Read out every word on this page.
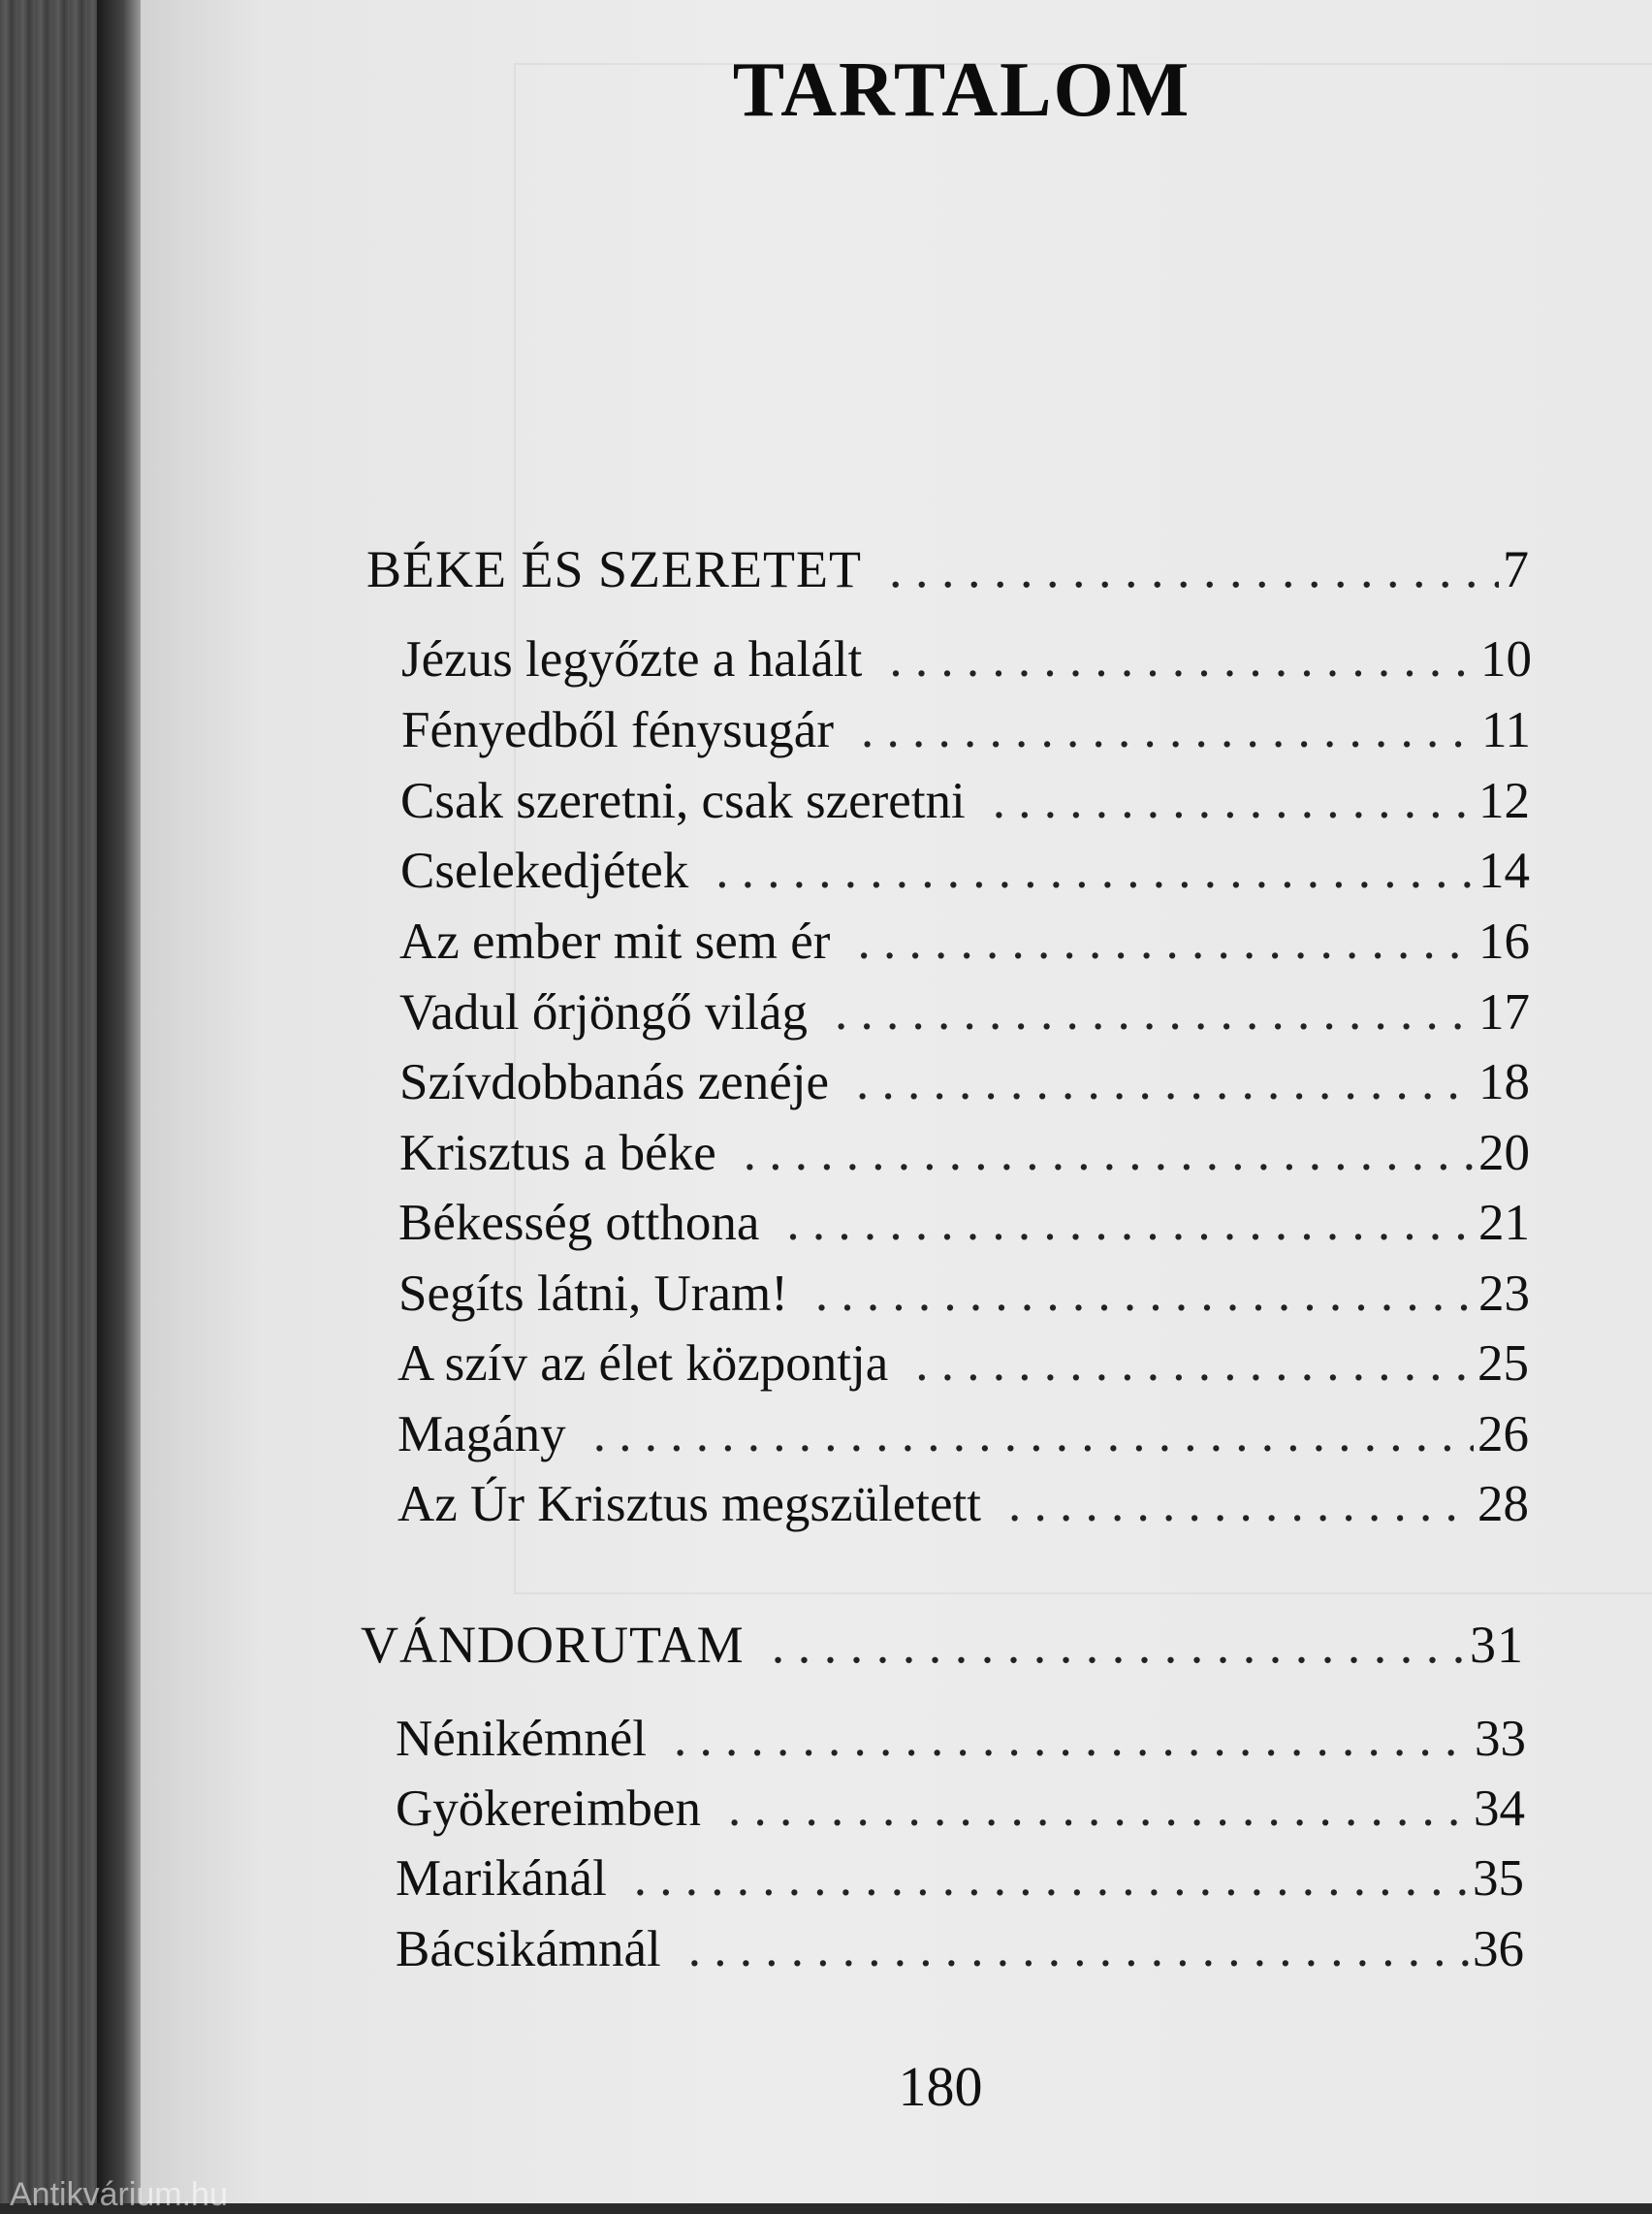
TARTALOM
BÉKE ÉS SZERETET . . .	7
Jézus legyőzte a halált . . .	10
Fényedből fénysugár . . .	11
Csak szeretni, csak szeretni . . .	12
Cselekedjétek . . .	14
Az ember mit sem ér . . .	16
Vadul őrjöngő világ . . .	17
Szívdobbanás zenéje . . .	18
Krisztus a béke . . .	20
Békesség otthona . . .	21
Segíts látni, Uram! . . .	23
A szív az élet központja . . .	25
Magány . . .	26
Az Úr Krisztus megszületett . . .	28
VÁNDORUTAM . . .	31
Nénikémnél . . .	33
Gyökereimben . . .	34
Marikánál . . .	35
Bácsikámnál . . .	36

180

Antikvárium.hu
